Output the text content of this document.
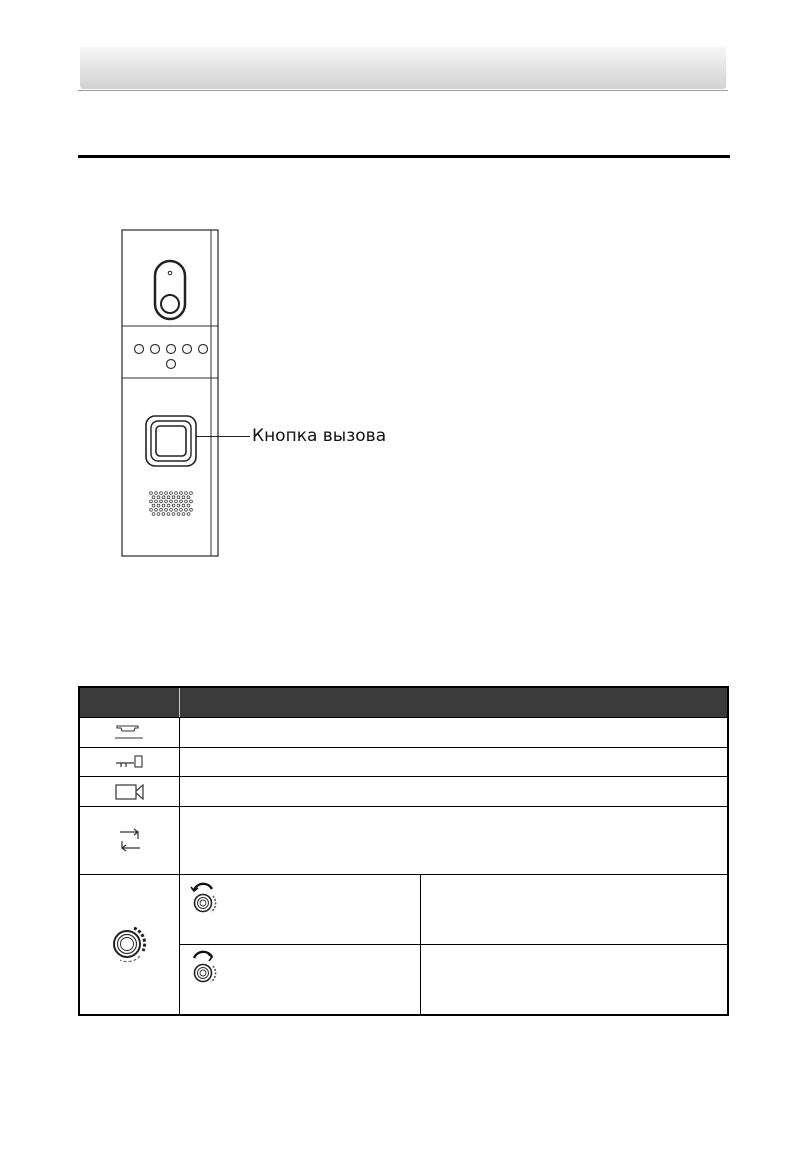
Кнопка вызова
